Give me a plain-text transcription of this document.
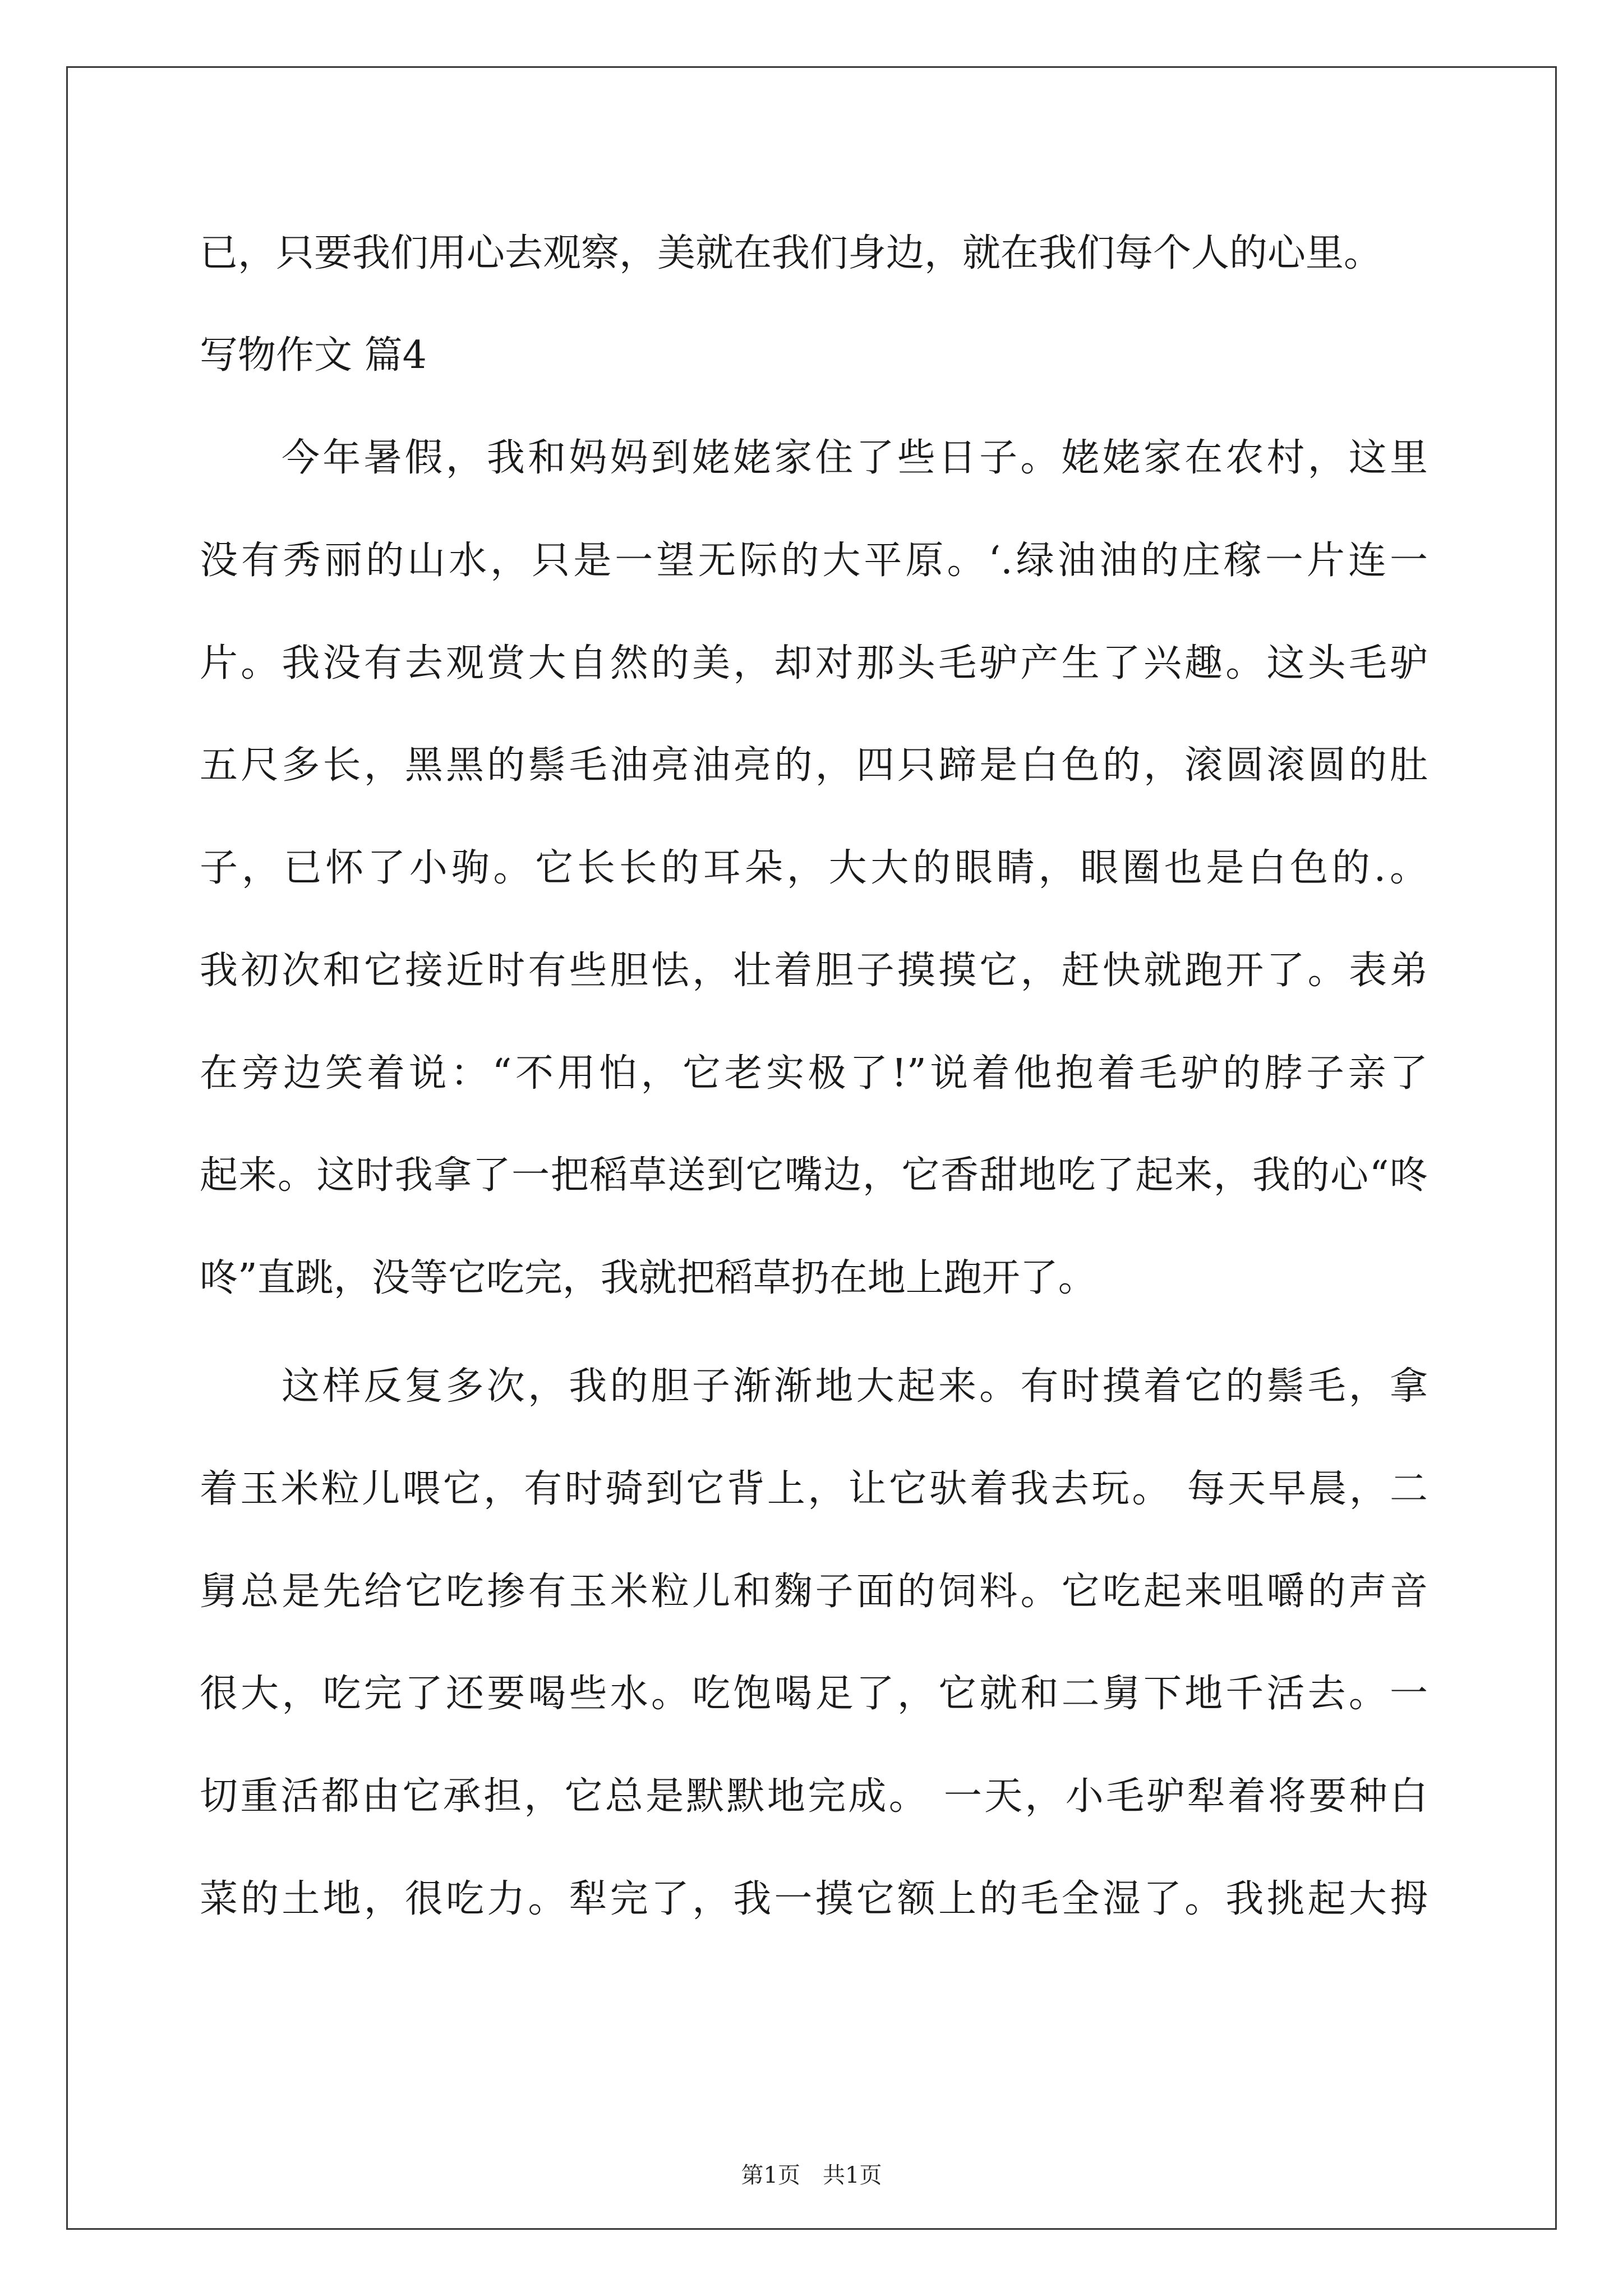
已，只要我们用心去观察，美就在我们身边，就在我们每个人的心里。
写物作文 篇4
今年暑假，我和妈妈到姥姥家住了些日子。姥姥家在农村，这里
没有秀丽的山水，只是一望无际的大平原。‘.绿油油的庄稼一片连一
片。我没有去观赏大自然的美，却对那头毛驴产生了兴趣。这头毛驴
五尺多长，黑黑的鬃毛油亮油亮的，四只蹄是白色的，滚圆滚圆的肚
子，已怀了小驹。它长长的耳朵，大大的眼睛，眼圈也是白色的.。
我初次和它接近时有些胆怯，壮着胆子摸摸它，赶快就跑开了。表弟
在旁边笑着说：“不用怕，它老实极了!”说着他抱着毛驴的脖子亲了
起来。这时我拿了一把稻草送到它嘴边，它香甜地吃了起来，我的心“咚
咚”直跳，没等它吃完，我就把稻草扔在地上跑开了。
这样反复多次，我的胆子渐渐地大起来。有时摸着它的鬃毛，拿
着玉米粒儿喂它，有时骑到它背上，让它驮着我去玩。 每天早晨，二
舅总是先给它吃掺有玉米粒儿和麴子面的饲料。它吃起来咀嚼的声音
很大，吃完了还要喝些水。吃饱喝足了，它就和二舅下地千活去。一
切重活都由它承担，它总是默默地完成。 一天，小毛驴犁着将要种白
菜的土地，很吃力。犁完了，我一摸它额上的毛全湿了。我挑起大拇
第1页　共1页
